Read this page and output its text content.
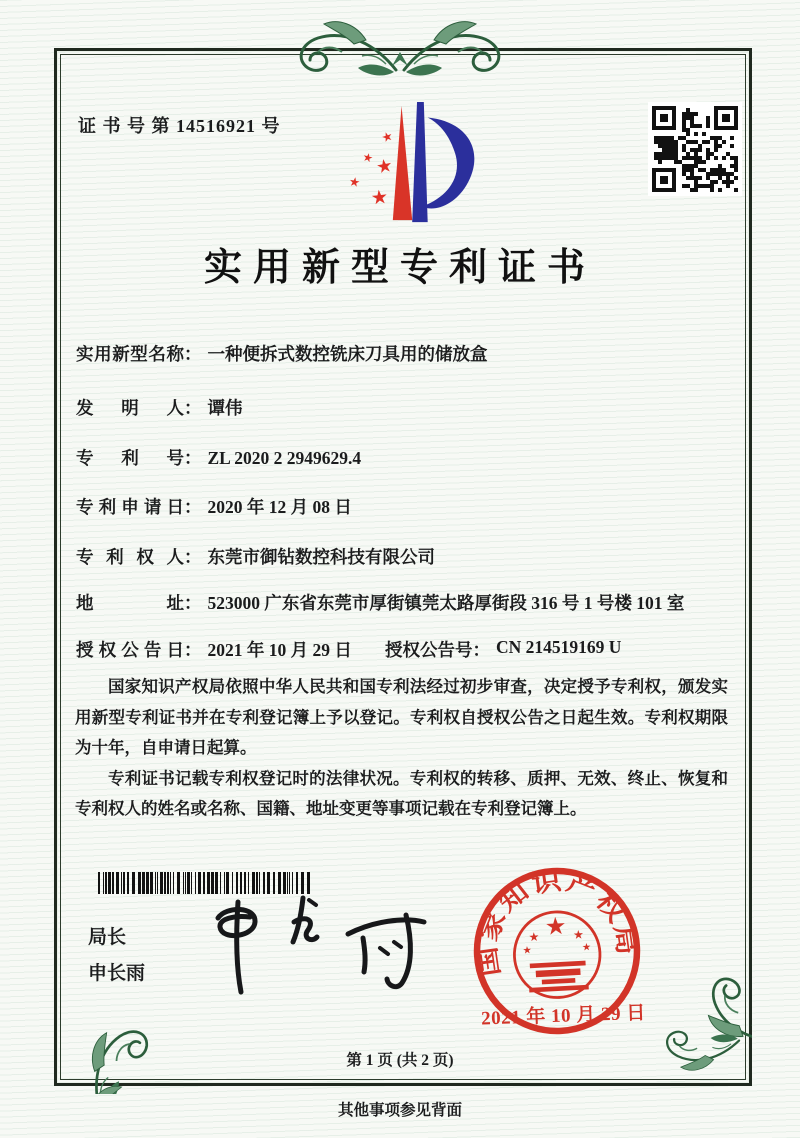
证 书 号 第 14516921 号
★
★ ★
★
★
实用新型专利证书
实用新型名称 ： 一种便拆式数控铣床刀具用的储放盒
发明人 ： 谭伟
专利号 ： ZL 2020 2 2949629.4
专利申请日 ： 2020 年 12 月 08 日
专利权人 ： 东莞市御钻数控科技有限公司
地址 ： 523000 广东省东莞市厚街镇莞太路厚街段 316 号 1 号楼 101 室
授权公告日 ： 2021 年 10 月 29 日	授权公告号 ： CN 214519169 U

国家知识产权局依照中华人民共和国专利法经过初步审查，决定授予专利权，颁发实用新型专利证书并在专利登记簿上予以登记。专利权自授权公告之日起生效。专利权期限为十年，自申请日起算。

专利证书记载专利权登记时的法律状况。专利权的转移、质押、无效、终止、恢复和专利权人的姓名或名称、国籍、地址变更等事项记载在专利登记簿上。

局长
申长雨	国家知识产权局
★
★	★
★	★
2021 年 10 月 29 日
第 1 页 (共 2 页)
其他事项参见背面
